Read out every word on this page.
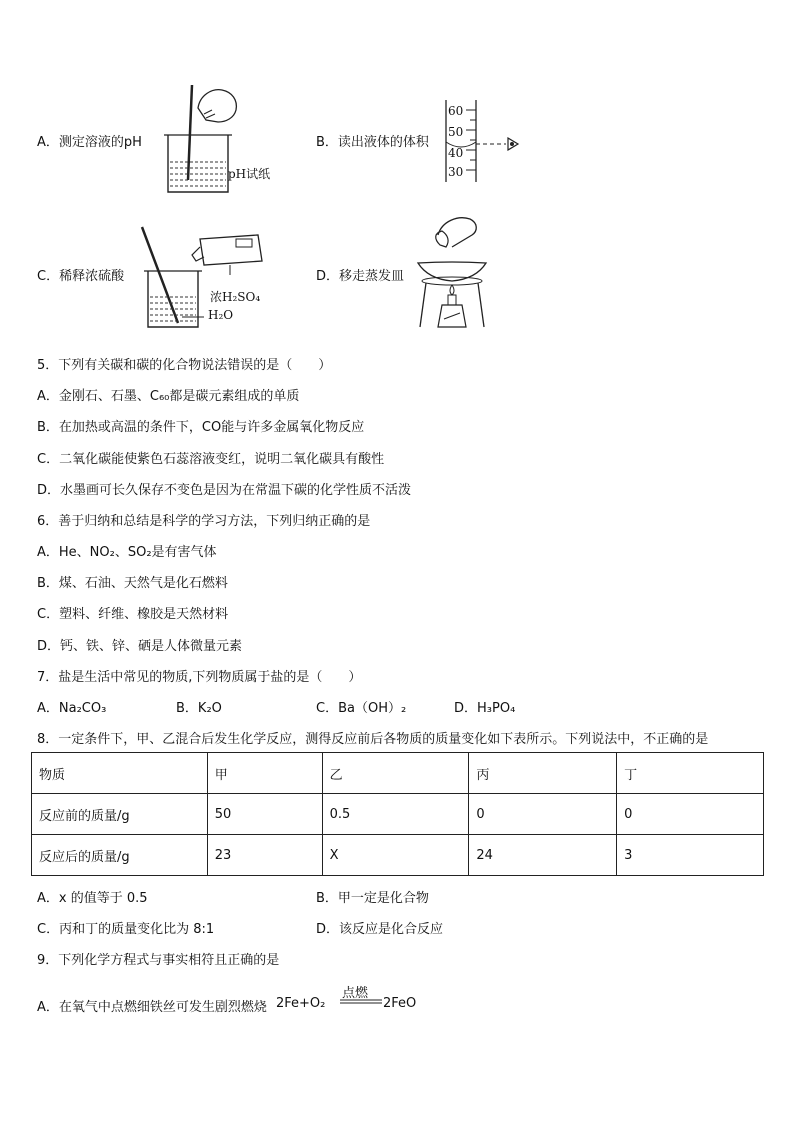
A．测定溶液的pH	B．读出液体的体积
C．稀释浓硫酸	D．移走蒸发皿
pH试纸
60
50
40
30
浓H₂SO₄
H₂O
5．下列有关碳和碳的化合物说法错误的是（　　）
A．金刚石、石墨、C₆₀都是碳元素组成的单质
B．在加热或高温的条件下，CO能与许多金属氧化物反应
C．二氧化碳能使紫色石蕊溶液变红，说明二氧化碳具有酸性
D．水墨画可长久保存不变色是因为在常温下碳的化学性质不活泼
6．善于归纳和总结是科学的学习方法，下列归纳正确的是
A．He、NO₂、SO₂是有害气体
B．煤、石油、天然气是化石燃料
C．塑料、纤维、橡胶是天然材料
D．钙、铁、锌、硒是人体微量元素
7．盐是生活中常见的物质,下列物质属于盐的是（　　）
A．Na₂CO₃	B．K₂O	C．Ba（OH）₂	D．H₃PO₄
8．一定条件下，甲、乙混合后发生化学反应，测得反应前后各物质的质量变化如下表所示。下列说法中，不正确的是
物质	甲	乙	丙	丁
反应前的质量/g	50	0.5	0	0
反应后的质量/g	23	X	24	3
A．x 的值等于 0.5	B．甲一定是化合物
C．丙和丁的质量变化比为 8:1	D．该反应是化合反应
9．下列化学方程式与事实相符且正确的是
A．在氧气中点燃细铁丝可发生剧烈燃烧 2Fe+O₂
点燃
2FeO
